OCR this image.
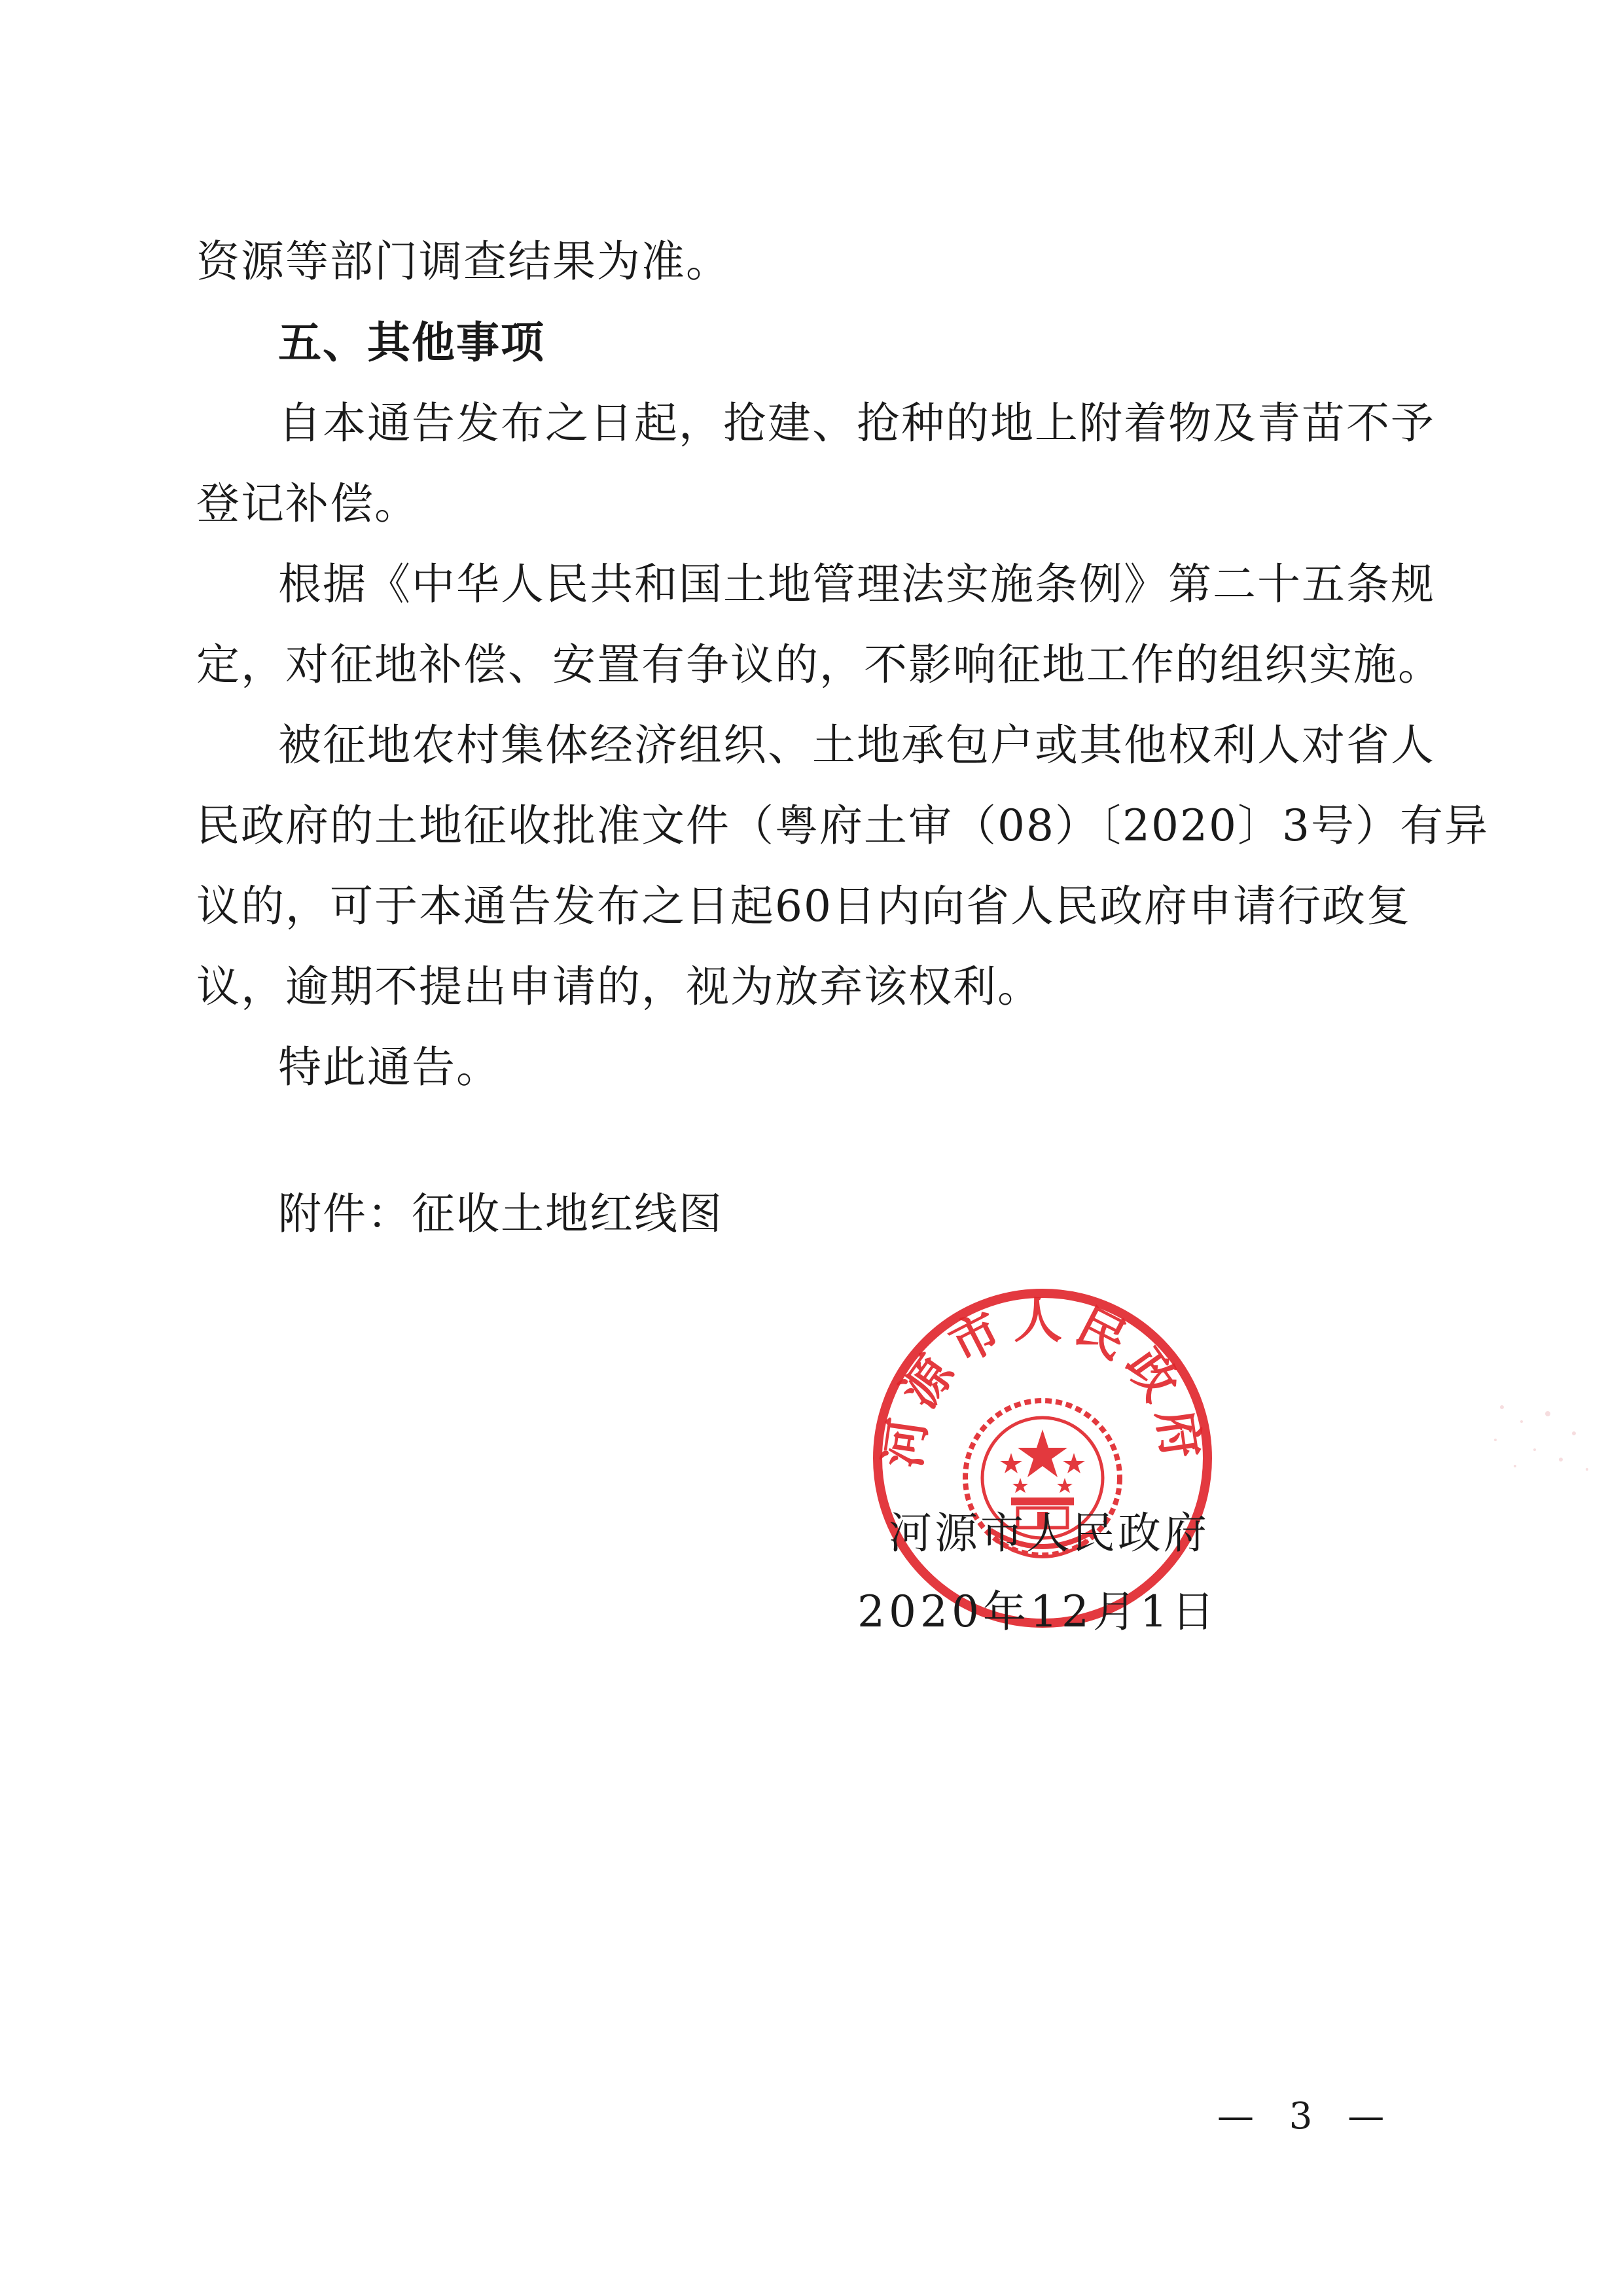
资源等部门调查结果为准。
五、其他事项
自本通告发布之日起，抢建、抢种的地上附着物及青苗不予
登记补偿。
根据《中华人民共和国土地管理法实施条例》第二十五条规
定，对征地补偿、安置有争议的，不影响征地工作的组织实施。
被征地农村集体经济组织、土地承包户或其他权利人对省人
民政府的土地征收批准文件（粤府土审（08）〔2020〕3号）有异
议的，可于本通告发布之日起60日内向省人民政府申请行政复
议，逾期不提出申请的，视为放弃该权利。
特此通告。
附件：征收土地红线图
河源市人民政府
河源市人民政府
2020年12月1日
— 3 —
